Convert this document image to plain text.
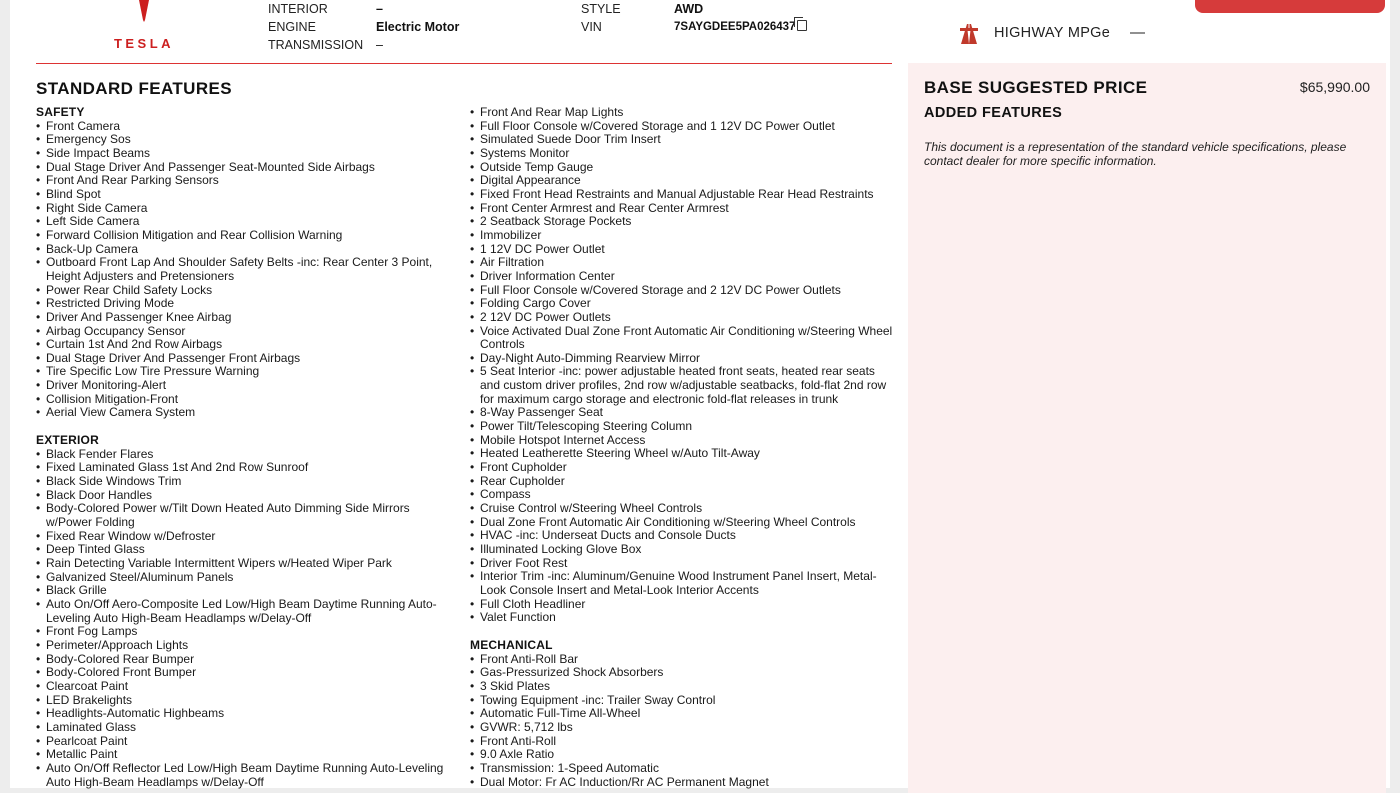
TESLA
INTERIOR	–
ENGINE	Electric Motor
TRANSMISSION –
STYLE	AWD
VIN	7SAYGDEE5PA026437	HIGHWAY MPGe —
STANDARD FEATURES
SAFETY
• Front Camera
• Emergency Sos
• Side Impact Beams
• Dual Stage Driver And Passenger Seat-Mounted Side Airbags
• Front And Rear Parking Sensors
• Blind Spot
• Right Side Camera
• Left Side Camera
• Forward Collision Mitigation and Rear Collision Warning
• Back-Up Camera
• Outboard Front Lap And Shoulder Safety Belts -inc: Rear Center 3 Point, Height Adjusters and Pretensioners
• Power Rear Child Safety Locks
• Restricted Driving Mode
• Driver And Passenger Knee Airbag
• Airbag Occupancy Sensor
• Curtain 1st And 2nd Row Airbags
• Dual Stage Driver And Passenger Front Airbags
• Tire Specific Low Tire Pressure Warning
• Driver Monitoring-Alert
• Collision Mitigation-Front
• Aerial View Camera System
EXTERIOR
• Black Fender Flares
• Fixed Laminated Glass 1st And 2nd Row Sunroof
• Black Side Windows Trim
• Black Door Handles
• Body-Colored Power w/Tilt Down Heated Auto Dimming Side Mirrors w/Power Folding
• Fixed Rear Window w/Defroster
• Deep Tinted Glass
• Rain Detecting Variable Intermittent Wipers w/Heated Wiper Park
• Galvanized Steel/Aluminum Panels
• Black Grille
• Auto On/Off Aero-Composite Led Low/High Beam Daytime Running Auto-Leveling Auto High-Beam Headlamps w/Delay-Off
• Front Fog Lamps
• Perimeter/Approach Lights
• Body-Colored Rear Bumper
• Body-Colored Front Bumper
• Clearcoat Paint
• LED Brakelights
• Headlights-Automatic Highbeams
• Laminated Glass
• Pearlcoat Paint
• Metallic Paint
• Auto On/Off Reflector Led Low/High Beam Daytime Running Auto-Leveling Auto High-Beam Headlamps w/Delay-Off
• Front And Rear Map Lights
• Full Floor Console w/Covered Storage and 1 12V DC Power Outlet
• Simulated Suede Door Trim Insert
• Systems Monitor
• Outside Temp Gauge
• Digital Appearance
• Fixed Front Head Restraints and Manual Adjustable Rear Head Restraints
• Front Center Armrest and Rear Center Armrest
• 2 Seatback Storage Pockets
• Immobilizer
• 1 12V DC Power Outlet
• Air Filtration
• Driver Information Center
• Full Floor Console w/Covered Storage and 2 12V DC Power Outlets
• Folding Cargo Cover
• 2 12V DC Power Outlets
• Voice Activated Dual Zone Front Automatic Air Conditioning w/Steering Wheel Controls
• Day-Night Auto-Dimming Rearview Mirror
• 5 Seat Interior -inc: power adjustable heated front seats, heated rear seats and custom driver profiles, 2nd row w/adjustable seatbacks, fold-flat 2nd row for maximum cargo storage and electronic fold-flat releases in trunk
• 8-Way Passenger Seat
• Power Tilt/Telescoping Steering Column
• Mobile Hotspot Internet Access
• Heated Leatherette Steering Wheel w/Auto Tilt-Away
• Front Cupholder
• Rear Cupholder
• Compass
• Cruise Control w/Steering Wheel Controls
• Dual Zone Front Automatic Air Conditioning w/Steering Wheel Controls
• HVAC -inc: Underseat Ducts and Console Ducts
• Illuminated Locking Glove Box
• Driver Foot Rest
• Interior Trim -inc: Aluminum/Genuine Wood Instrument Panel Insert, Metal-Look Console Insert and Metal-Look Interior Accents
• Full Cloth Headliner
• Valet Function
MECHANICAL
• Front Anti-Roll Bar
• Gas-Pressurized Shock Absorbers
• 3 Skid Plates
• Towing Equipment -inc: Trailer Sway Control
• Automatic Full-Time All-Wheel
• GVWR: 5,712 lbs
• Front Anti-Roll
• 9.0 Axle Ratio
• Transmission: 1-Speed Automatic
• Dual Motor: Fr AC Induction/Rr AC Permanent Magnet
BASE SUGGESTED PRICE	$65,990.00
ADDED FEATURES
This document is a representation of the standard vehicle specifications, please contact dealer for more specific information.
